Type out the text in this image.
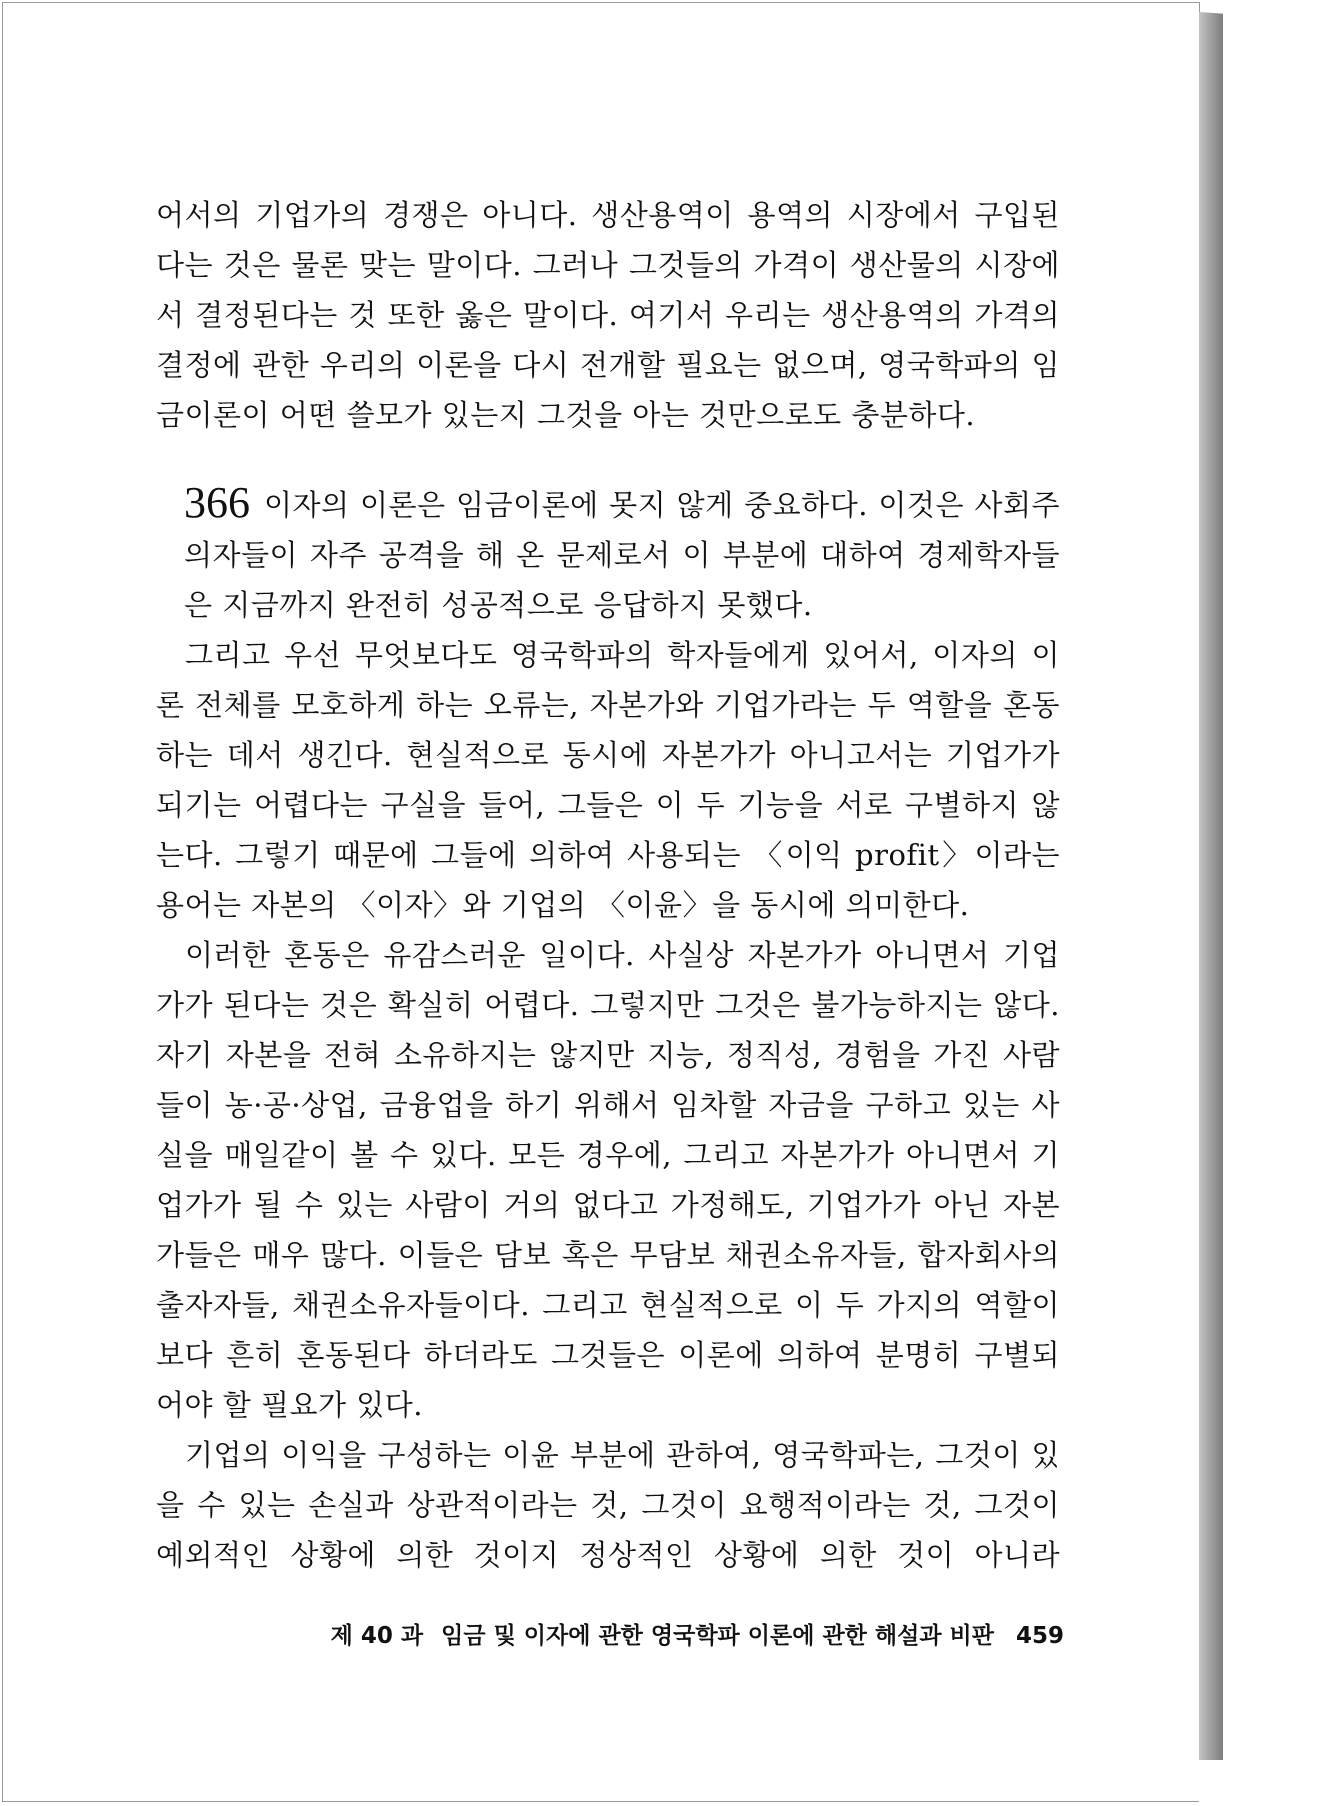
어서의 기업가의 경쟁은 아니다. 생산용역이 용역의 시장에서 구입된 다는 것은 물론 맞는 말이다. 그러나 그것들의 가격이 생산물의 시장에서 결정된다는 것 또한 옳은 말이다. 여기서 우리는 생산용역의 가격의 결정에 관한 우리의 이론을 다시 전개할 필요는 없으며, 영국학파의 임금이론이 어떤 쓸모가 있는지 그것을 아는 것만으로도 충분하다.

366 이자의 이론은 임금이론에 못지 않게 중요하다. 이것은 사회주의자들이 자주 공격을 해 온 문제로서 이 부분에 대하여 경제학자들은 지금까지 완전히 성공적으로 응답하지 못했다.

그리고 우선 무엇보다도 영국학파의 학자들에게 있어서, 이자의 이론 전체를 모호하게 하는 오류는, 자본가와 기업가라는 두 역할을 혼동하는 데서 생긴다. 현실적으로 동시에 자본가가 아니고서는 기업가가 되기는 어렵다는 구실을 들어, 그들은 이 두 기능을 서로 구별하지 않는다. 그렇기 때문에 그들에 의하여 사용되는 〈이익 profit〉이라는 용어는 자본의 〈이자〉와 기업의 〈이윤〉을 동시에 의미한다.

이러한 혼동은 유감스러운 일이다. 사실상 자본가가 아니면서 기업가가 된다는 것은 확실히 어렵다. 그렇지만 그것은 불가능하지는 않다. 자기 자본을 전혀 소유하지는 않지만 지능, 정직성, 경험을 가진 사람들이 농·공·상업, 금융업을 하기 위해서 임차할 자금을 구하고 있는 사실을 매일같이 볼 수 있다. 모든 경우에, 그리고 자본가가 아니면서 기업가가 될 수 있는 사람이 거의 없다고 가정해도, 기업가가 아닌 자본가들은 매우 많다. 이들은 담보 혹은 무담보 채권소유자들, 합자회사의 출자자들, 채권소유자들이다. 그리고 현실적으로 이 두 가지의 역할이 보다 흔히 혼동된다 하더라도 그것들은 이론에 의하여 분명히 구별되어야 할 필요가 있다.

기업의 이익을 구성하는 이윤 부분에 관하여, 영국학파는, 그것이 있을 수 있는 손실과 상관적이라는 것, 그것이 요행적이라는 것, 그것이 예외적인 상황에 의한 것이지 정상적인 상황에 의한 것이 아니라

제 40 과 임금 및 이자에 관한 영국학파 이론에 관한 해설과 비판 459
